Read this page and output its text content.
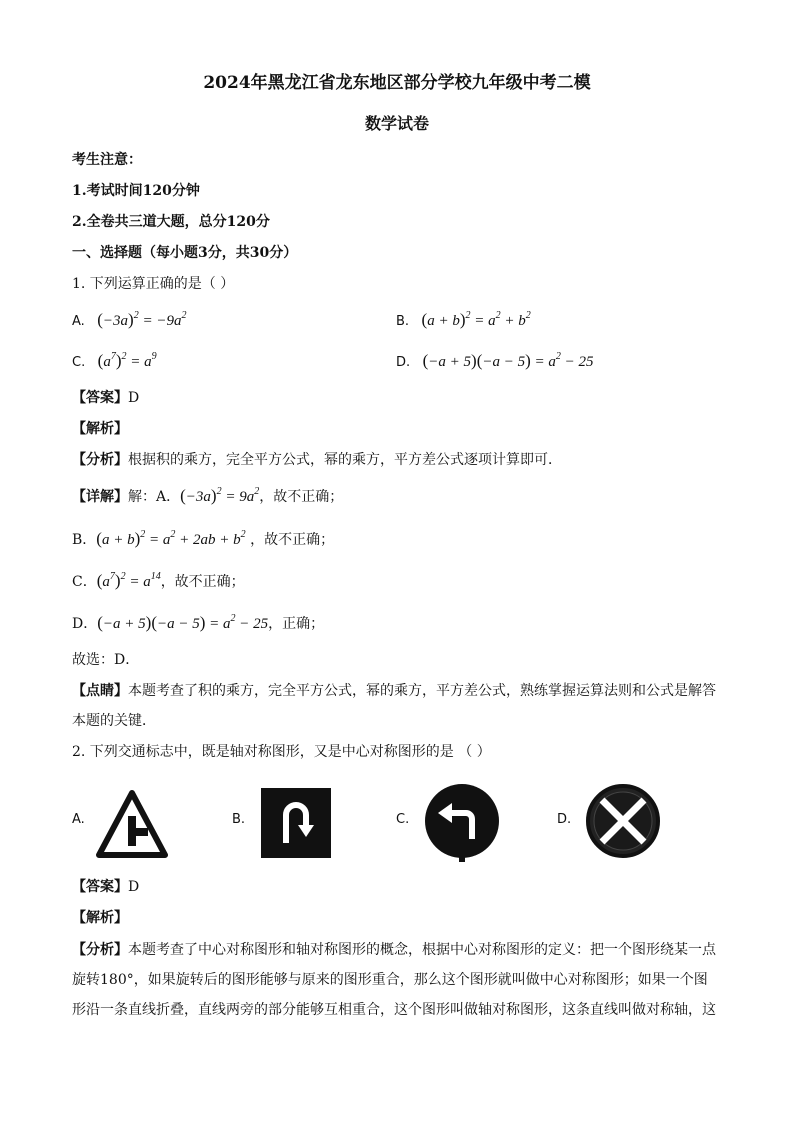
2024年黑龙江省龙东地区部分学校九年级中考二模
数学试卷
考生注意：
1.考试时间120分钟
2.全卷共三道大题，总分120分
一、选择题（每小题3分，共30分）
1. 下列运算正确的是（ ）
A. $(-3a)^2 = -9a^2$	B. $(a + b)^2 = a^2 + b^2$
C. $(a^7)^2 = a^9$	D. $(-a + 5)(-a - 5) = a^2 - 25$
【答案】D
【解析】
【分析】根据积的乘方，完全平方公式，幂的乘方，平方差公式逐项计算即可．
【详解】解：A．$(-3a)^2 = 9a^2$，故不正确；
B．$(a + b)^2 = a^2 + 2ab + b^2$ ，故不正确；
C．$(a^7)^2 = a^{14}$，故不正确；
D．$(-a + 5)(-a - 5) = a^2 - 25$，正确；
故选：D．
【点睛】本题考查了积的乘方，完全平方公式，幂的乘方，平方差公式，熟练掌握运算法则和公式是解答本题的关键．
2. 下列交通标志中，既是轴对称图形，又是中心对称图形的是 （ ）
A.	B.	C.	D.
【答案】D
【解析】
【分析】本题考查了中心对称图形和轴对称图形的概念，根据中心对称图形的定义：把一个图形绕某一点旋转180°，如果旋转后的图形能够与原来的图形重合，那么这个图形就叫做中心对称图形；如果一个图形沿一条直线折叠，直线两旁的部分能够互相重合，这个图形叫做轴对称图形，这条直线叫做对称轴，这
